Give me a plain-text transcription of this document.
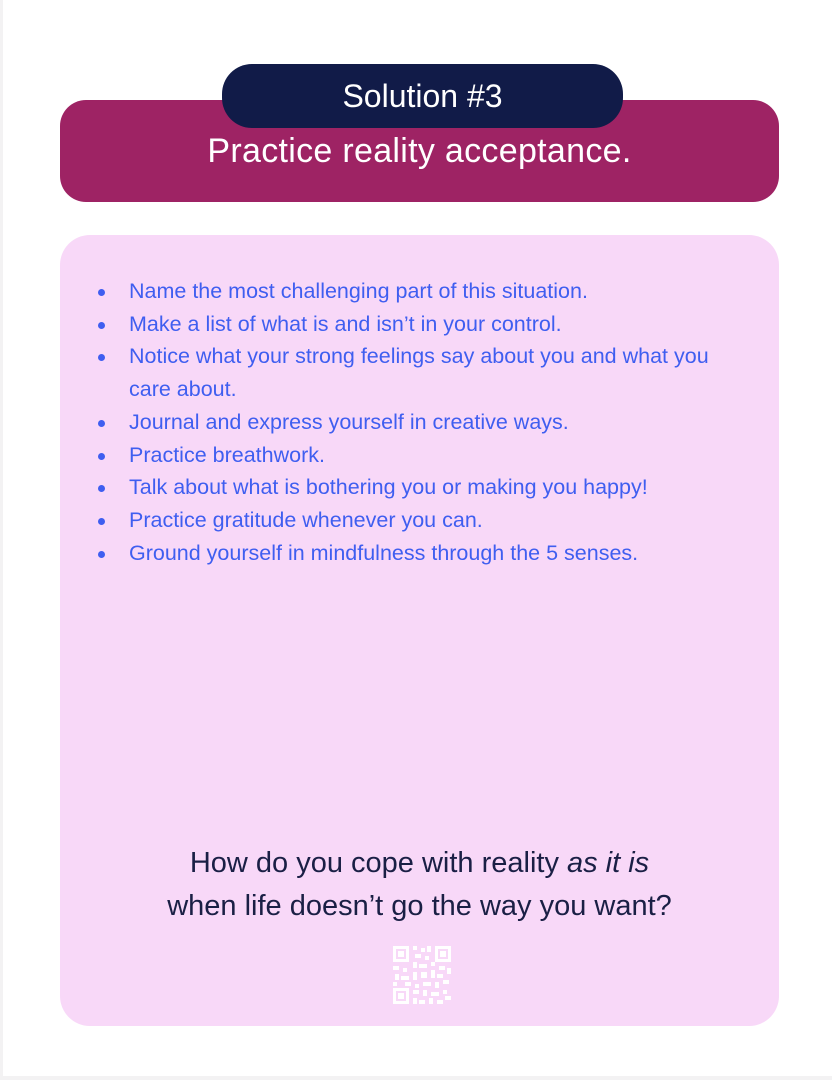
Practice reality acceptance.
Solution #3
Name the most challenging part of this situation.
Make a list of what is and isn’t in your control.
Notice what your strong feelings say about you and what you care about.
Journal and express yourself in creative ways.
Practice breathwork.
Talk about what is bothering you or making you happy!
Practice gratitude whenever you can.
Ground yourself in mindfulness through the 5 senses.
How do you cope with reality as it is
when life doesn’t go the way you want?
